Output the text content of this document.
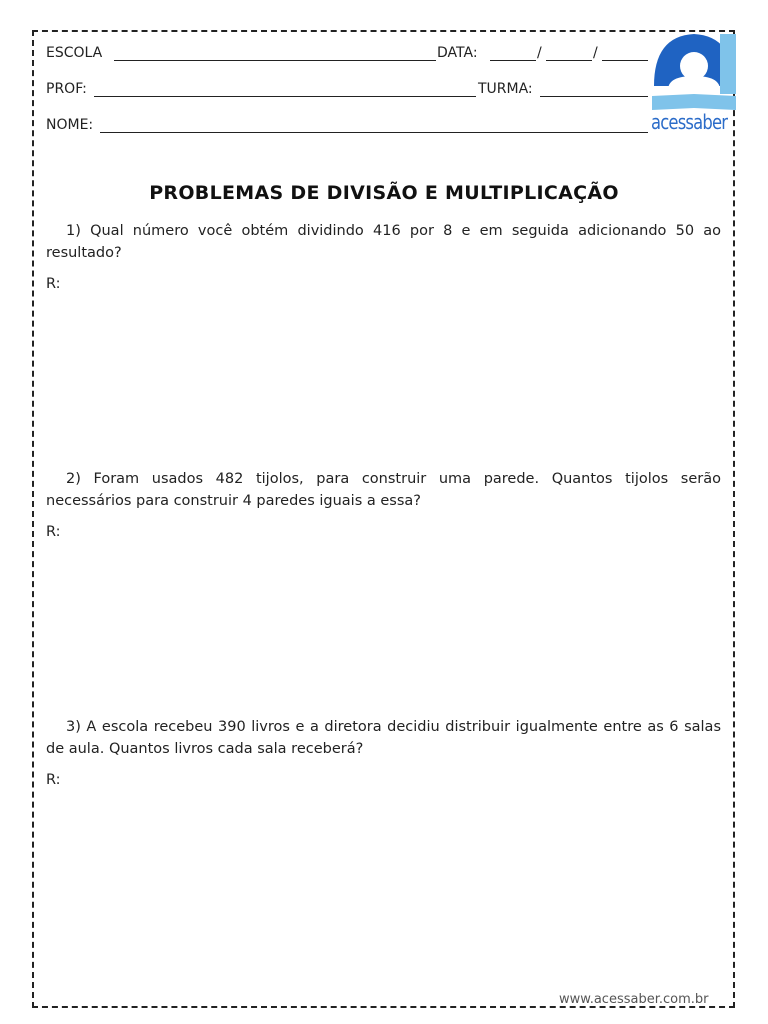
ESCOLA	DATA:	/	/
PROF:	TURMA:
NOME:	acessaber
PROBLEMAS DE DIVISÃO E MULTIPLICAÇÃO
1) Qual número você obtém dividindo 416 por 8 e em seguida adicionando 50 ao resultado?
R:
2) Foram usados 482 tijolos, para construir uma parede. Quantos tijolos serão necessários para construir 4 paredes iguais a essa?
R:
3) A escola recebeu 390 livros e a diretora decidiu distribuir igualmente entre as 6 salas de aula. Quantos livros cada sala receberá?
R:
www.acessaber.com.br
